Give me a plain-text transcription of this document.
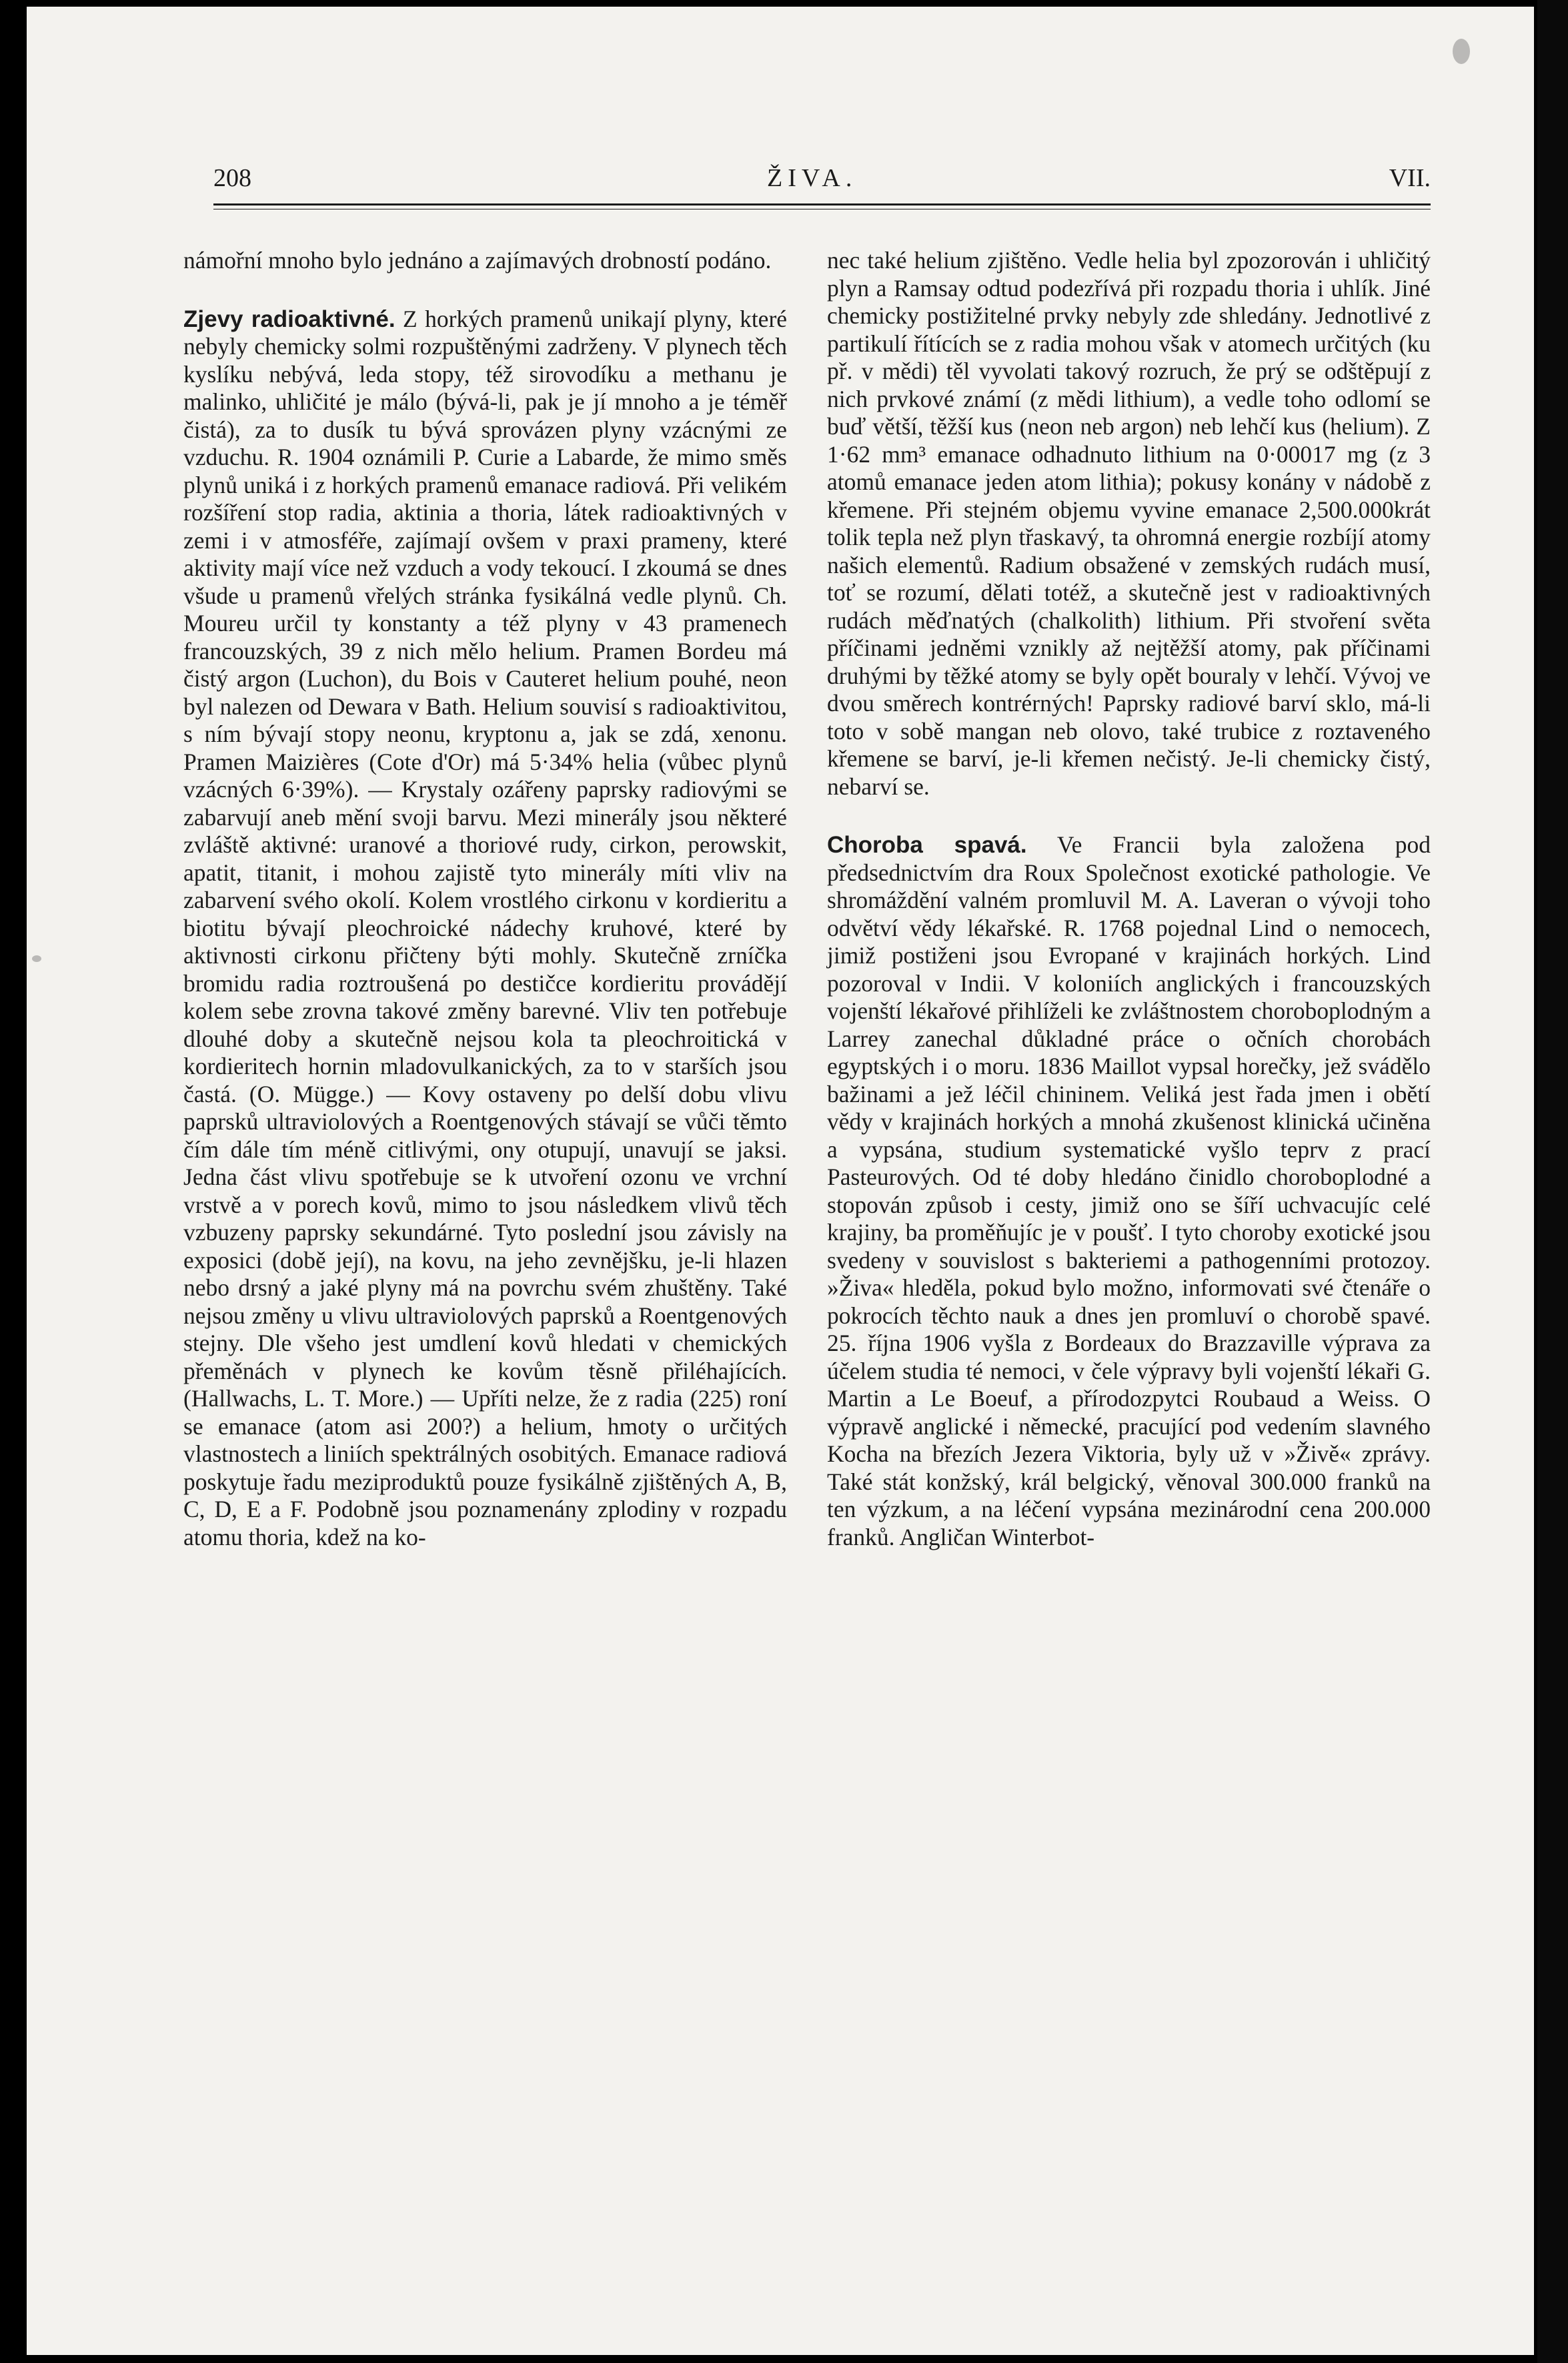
208	ŽIVA.	VII.

námořní mnoho bylo jednáno a zajímavých drobností podáno.

Zjevy radioaktivné. Z horkých pramenů unikají plyny, které nebyly chemicky solmi rozpuštěnými zadrženy. V plynech těch kyslíku nebývá, leda stopy, též sirovodíku a methanu je malinko, uhličité je málo (bývá-li, pak je jí mnoho a je téměř čistá), za to dusík tu bývá sprovázen plyny vzácnými ze vzduchu. R. 1904 oznámili P. Curie a Labarde, že mimo směs plynů uniká i z horkých pramenů emanace radiová. Při velikém rozšíření stop radia, aktinia a thoria, látek radioaktivných v zemi i v atmosféře, zajímají ovšem v praxi prameny, které aktivity mají více než vzduch a vody tekoucí. I zkoumá se dnes všude u pramenů vřelých stránka fysikálná vedle plynů. Ch. Moureu určil ty konstanty a též plyny v 43 pramenech francouzských, 39 z nich mělo helium. Pramen Bordeu má čistý argon (Luchon), du Bois v Cauteret helium pouhé, neon byl nalezen od Dewara v Bath. Helium souvisí s radioaktivitou, s ním bývají stopy neonu, kryptonu a, jak se zdá, xenonu. Pramen Maizières (Cote d'Or) má 5·34% helia (vůbec plynů vzácných 6·39%). — Krystaly ozářeny paprsky radiovými se zabarvují aneb mění svoji barvu. Mezi minerály jsou některé zvláště aktivné: uranové a thoriové rudy, cirkon, perowskit, apatit, titanit, i mohou zajistě tyto minerály míti vliv na zabarvení svého okolí. Kolem vrostlého cirkonu v kordieritu a biotitu bývají pleochroické nádechy kruhové, které by aktivnosti cirkonu přičteny býti mohly. Skutečně zrníčka bromidu radia roztroušená po destičce kordieritu provádějí kolem sebe zrovna takové změny barevné. Vliv ten potřebuje dlouhé doby a skutečně nejsou kola ta pleochroitická v kordieritech hornin mladovulkanických, za to v starších jsou častá. (O. Mügge.) — Kovy ostaveny po delší dobu vlivu paprsků ultraviolových a Roentgenových stávají se vůči těmto čím dále tím méně citlivými, ony otupují, unavují se jaksi. Jedna část vlivu spotřebuje se k utvoření ozonu ve vrchní vrstvě a v porech kovů, mimo to jsou následkem vlivů těch vzbuzeny paprsky sekundárné. Tyto poslední jsou závisly na exposici (době její), na kovu, na jeho zevnějšku, je-li hlazen nebo drsný a jaké plyny má na povrchu svém zhuštěny. Také nejsou změny u vlivu ultraviolových paprsků a Roentgenových stejny. Dle všeho jest umdlení kovů hledati v chemických přeměnách v plynech ke kovům těsně přiléhajících. (Hallwachs, L. T. More.) — Upříti nelze, že z radia (225) roní se emanace (atom asi 200?) a helium, hmoty o určitých vlastnostech a liniích spektrálných osobitých. Emanace radiová poskytuje řadu meziproduktů pouze fysikálně zjištěných A, B, C, D, E a F. Podobně jsou poznamenány zplodiny v rozpadu atomu thoria, kdež na ko-

nec také helium zjištěno. Vedle helia byl zpozorován i uhličitý plyn a Ramsay odtud podezřívá při rozpadu thoria i uhlík. Jiné chemicky postižitelné prvky nebyly zde shledány. Jednotlivé z partikulí řítících se z radia mohou však v atomech určitých (ku př. v mědi) těl vyvolati takový rozruch, že prý se odštěpují z nich prvkové známí (z mědi lithium), a vedle toho odlomí se buď větší, těžší kus (neon neb argon) neb lehčí kus (helium). Z 1·62 mm³ emanace odhadnuto lithium na 0·00017 mg (z 3 atomů emanace jeden atom lithia); pokusy konány v nádobě z křemene. Při stejném objemu vyvine emanace 2,500.000krát tolik tepla než plyn třaskavý, ta ohromná energie rozbíjí atomy našich elementů. Radium obsažené v zemských rudách musí, toť se rozumí, dělati totéž, a skutečně jest v radioaktivných rudách měďnatých (chalkolith) lithium. Při stvoření světa příčinami jedněmi vznikly až nejtěžší atomy, pak příčinami druhými by těžké atomy se byly opět bouraly v lehčí. Vývoj ve dvou směrech kontrérných! Paprsky radiové barví sklo, má-li toto v sobě mangan neb olovo, také trubice z roztaveného křemene se barví, je-li křemen nečistý. Je-li chemicky čistý, nebarví se.

Choroba spavá. Ve Francii byla založena pod předsednictvím dra Roux Společnost exotické pathologie. Ve shromáždění valném promluvil M. A. Laveran o vývoji toho odvětví vědy lékařské. R. 1768 pojednal Lind o nemocech, jimiž postiženi jsou Evropané v krajinách horkých. Lind pozoroval v Indii. V koloniích anglických i francouzských vojenští lékařové přihlíželi ke zvláštnostem chorobоplodným a Larrey zanechal důkladné práce o očních chorobách egyptských i o moru. 1836 Maillot vypsal horečky, jež svádělo bažinami a jež léčil chininem. Veliká jest řada jmen i obětí vědy v krajinách horkých a mnohá zkušenost klinická učiněna a vypsána, studium systematické vyšlo teprv z prací Pasteurových. Od té doby hledáno činidlo choroboplodné a stopován způsob i cesty, jimiž ono se šíří uchvacujíc celé krajiny, ba proměňujíc je v poušť. I tyto choroby exotické jsou svedeny v souvislost s bakteriemi a pathogenními protozoy. »Živa« hleděla, pokud bylo možno, informovati své čtenáře o pokrocích těchto nauk a dnes jen promluví o chorobě spavé. 25. října 1906 vyšla z Bordeaux do Brazzaville výprava za účelem studia té nemoci, v čele výpravy byli vojenští lékaři G. Martin a Le Boeuf, a přírodozpytci Roubaud a Weiss. O výpravě anglické i německé, pracující pod vedením slavného Kocha na březích Jezera Viktoria, byly už v »Živě« zprávy. Také stát konžský, král belgický, věnoval 300.000 franků na ten výzkum, a na léčení vypsána mezinárodní cena 200.000 franků. Angličan Winterbot-
